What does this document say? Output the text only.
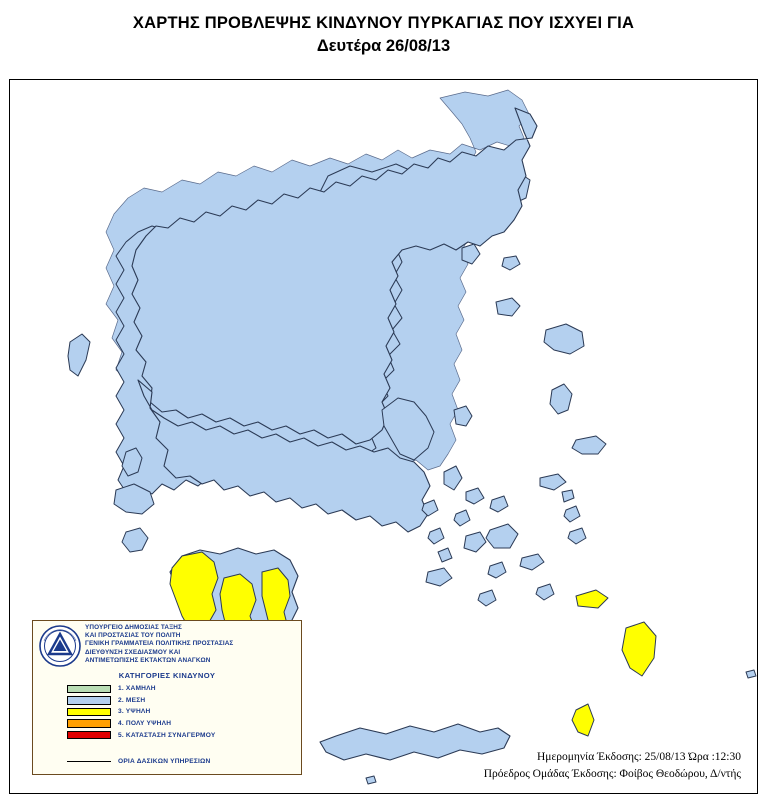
ΧΑΡΤΗΣ ΠΡΟΒΛΕΨΗΣ ΚΙΝΔΥΝΟΥ ΠΥΡΚΑΓΙΑΣ ΠΟΥ ΙΣΧΥΕΙ ΓΙΑ
Δευτέρα 26/08/13
ΥΠΟΥΡΓΕΙΟ ΔΗΜΟΣΙΑΣ ΤΑΞΗΣ
ΚΑΙ ΠΡΟΣΤΑΣΙΑΣ ΤΟΥ ΠΟΛΙΤΗ
ΓΕΝΙΚΗ ΓΡΑΜΜΑΤΕΙΑ ΠΟΛΙΤΙΚΗΣ ΠΡΟΣΤΑΣΙΑΣ
ΔΙΕΥΘΥΝΣΗ ΣΧΕΔΙΑΣΜΟΥ ΚΑΙ
ΑΝΤΙΜΕΤΩΠΙΣΗΣ ΕΚΤΑΚΤΩΝ ΑΝΑΓΚΩΝ
ΚΑΤΗΓΟΡΙΕΣ ΚΙΝΔΥΝΟΥ
1. ΧΑΜΗΛΗ
2. ΜΕΣΗ
3. ΥΨΗΛΗ
4. ΠΟΛΥ ΥΨΗΛΗ
5. ΚΑΤΑΣΤΑΣΗ ΣΥΝΑΓΕΡΜΟΥ
ΟΡΙΑ ΔΑΣΙΚΩΝ ΥΠΗΡΕΣΙΩΝ	Ημερομηνία Έκδοσης: 25/08/13 Ώρα :12:30
Πρόεδρος Ομάδας Έκδοσης: Φοίβος Θεοδώρου, Δ/ντής
